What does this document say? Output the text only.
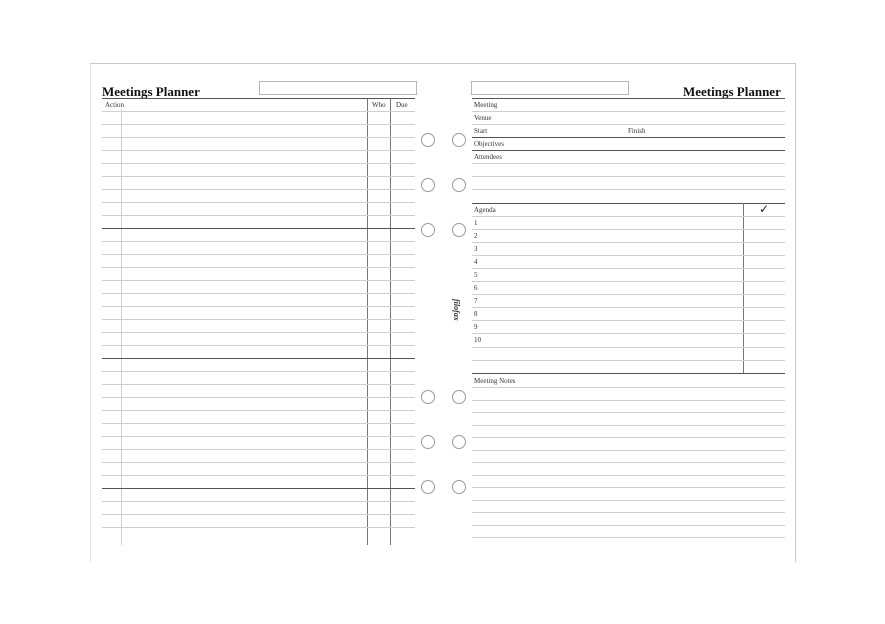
Meetings Planner
Action	Who Due
filofax
Meetings Planner
Meeting
Venue
Start	Finish
Objectives
Attendees
Agenda	✓
1
2
3
4
5
6
7
8
9
10
Meeting Notes
